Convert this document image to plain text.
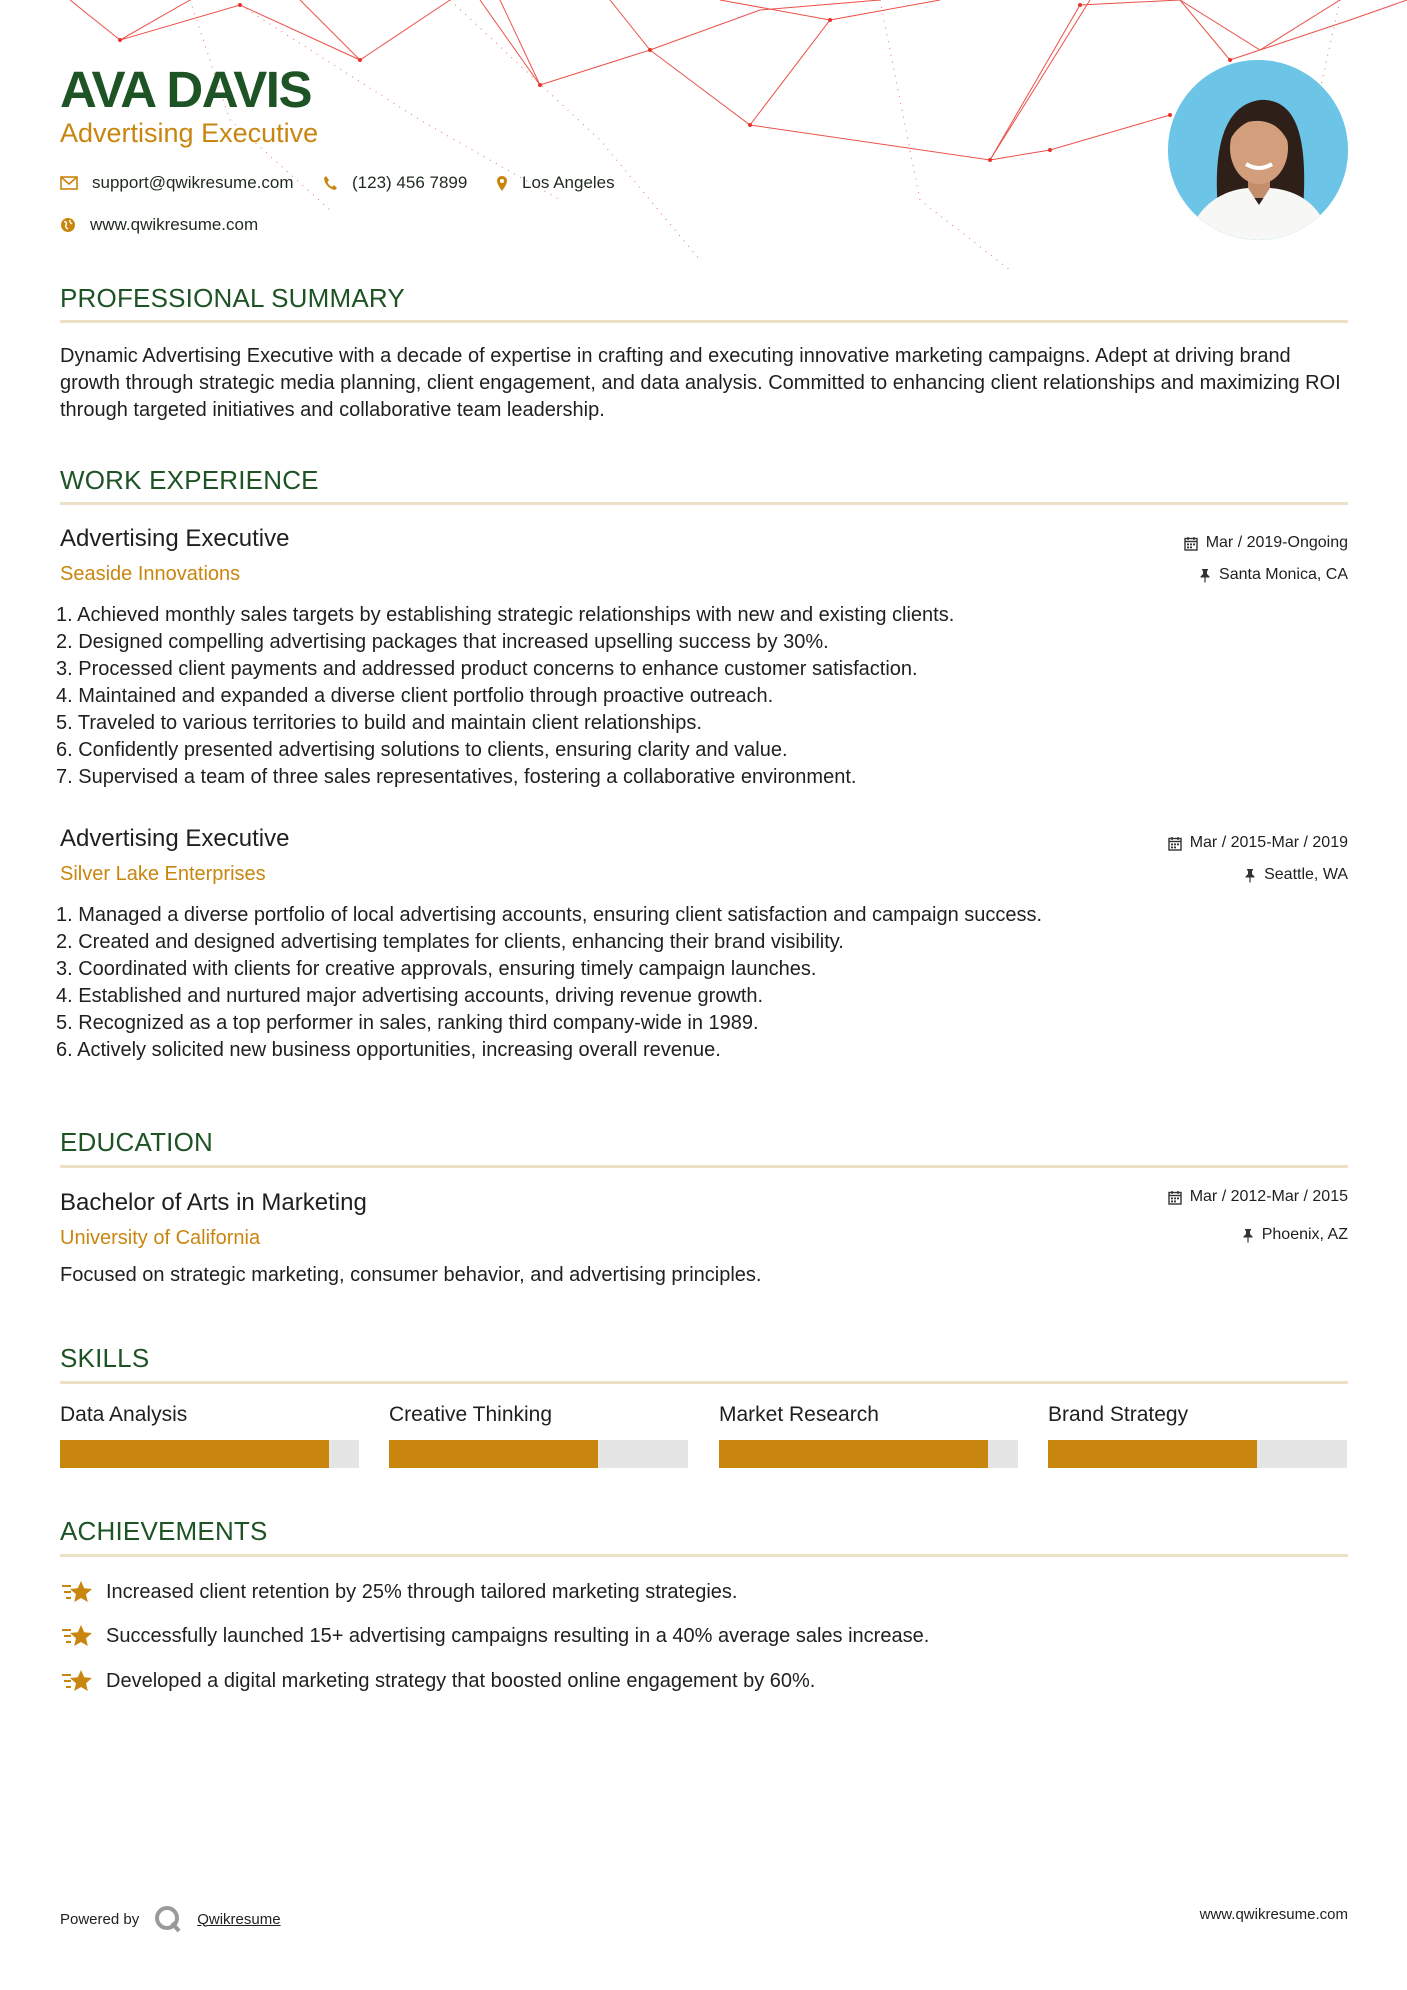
AVA DAVIS
Advertising Executive
support@qwikresume.com	(123) 456 7899	Los Angeles
www.qwikresume.com
PROFESSIONAL SUMMARY
Dynamic Advertising Executive with a decade of expertise in crafting and executing innovative marketing campaigns. Adept at driving brand growth through strategic media planning, client engagement, and data analysis. Committed to enhancing client relationships and maximizing ROI through targeted initiatives and collaborative team leadership.
WORK EXPERIENCE
Advertising Executive
Seaside Innovations
Mar / 2019-Ongoing
Santa Monica, CA
1. Achieved monthly sales targets by establishing strategic relationships with new and existing clients.
2. Designed compelling advertising packages that increased upselling success by 30%.
3. Processed client payments and addressed product concerns to enhance customer satisfaction.
4. Maintained and expanded a diverse client portfolio through proactive outreach.
5. Traveled to various territories to build and maintain client relationships.
6. Confidently presented advertising solutions to clients, ensuring clarity and value.
7. Supervised a team of three sales representatives, fostering a collaborative environment.
Advertising Executive
Silver Lake Enterprises
Mar / 2015-Mar / 2019
Seattle, WA
1. Managed a diverse portfolio of local advertising accounts, ensuring client satisfaction and campaign success.
2. Created and designed advertising templates for clients, enhancing their brand visibility.
3. Coordinated with clients for creative approvals, ensuring timely campaign launches.
4. Established and nurtured major advertising accounts, driving revenue growth.
5. Recognized as a top performer in sales, ranking third company-wide in 1989.
6. Actively solicited new business opportunities, increasing overall revenue.
EDUCATION
Bachelor of Arts in Marketing
University of California
Mar / 2012-Mar / 2015
Phoenix, AZ
Focused on strategic marketing, consumer behavior, and advertising principles.
SKILLS
Data Analysis	Creative Thinking	Market Research	Brand Strategy
ACHIEVEMENTS
Increased client retention by 25% through tailored marketing strategies.
Successfully launched 15+ advertising campaigns resulting in a 40% average sales increase.
Developed a digital marketing strategy that boosted online engagement by 60%.
Powered by	Qwikresume	www.qwikresume.com
